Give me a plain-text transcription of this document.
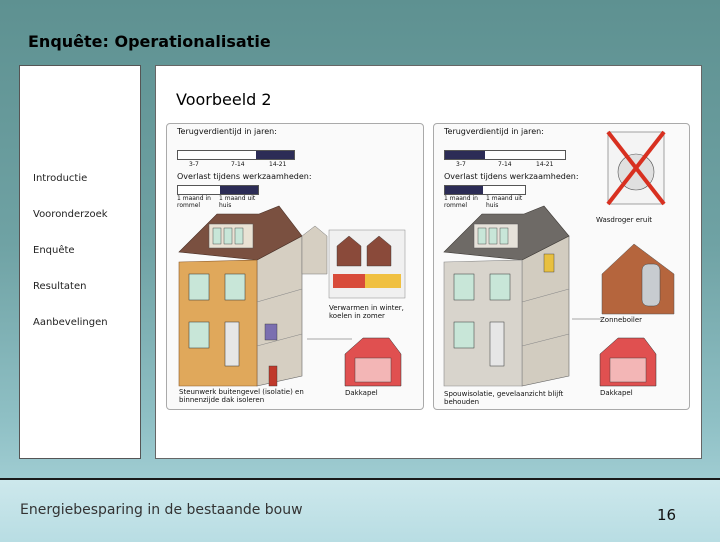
Enquête: Operationalisatie
Introductie
Vooronderzoek
Enquête
Resultaten
Aanbevelingen
Voorbeeld 2
Terugverdientijd in jaren:
3-7	7-14	14-21
Overlast tijdens werkzaamheden:
1 maand in rommel
1 maand uit huis
Verwarmen in winter, koelen in zomer
Steunwerk buitengevel (isolatie) en binnenzijde dak isoleren
Dakkapel
Terugverdientijd in jaren:
3-7	7-14	14-21
Overlast tijdens werkzaamheden:
1 maand in rommel
1 maand uit huis
Wasdroger eruit
Zonneboiler
Spouwisolatie, gevelaanzicht blijft behouden
Dakkapel
Energiebesparing in de bestaande bouw	16
